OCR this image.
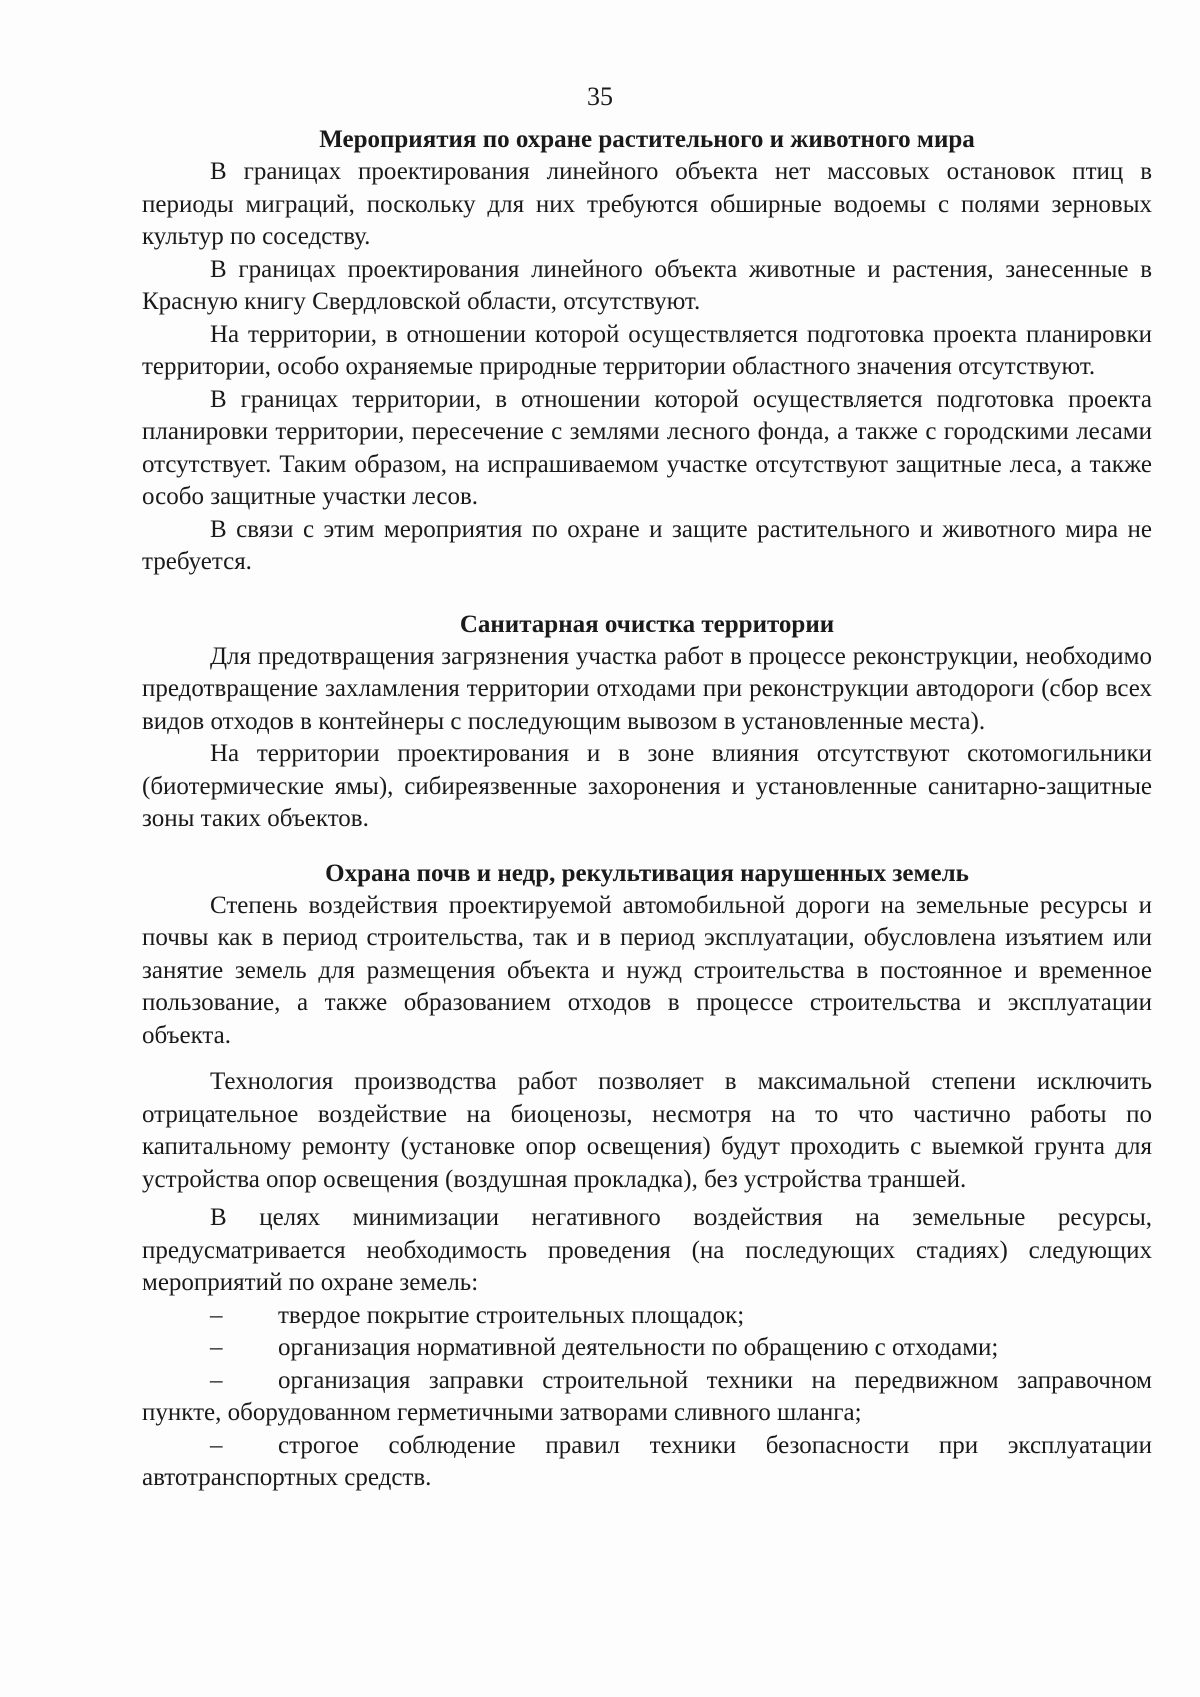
35
Мероприятия по охране растительного и животного мира

В границах проектирования линейного объекта нет массовых остановок птиц в периоды миграций, поскольку для них требуются обширные водоемы с полями зерновых культур по соседству.

В границах проектирования линейного объекта животные и растения, занесенные в Красную книгу Свердловской области, отсутствуют.

На территории, в отношении которой осуществляется подготовка проекта планировки территории, особо охраняемые природные территории областного значения отсутствуют.

В границах территории, в отношении которой осуществляется подготовка проекта планировки территории, пересечение с землями лесного фонда, а также с городскими лесами отсутствует. Таким образом, на испрашиваемом участке отсутствуют защитные леса, а также особо защитные участки лесов.

В связи с этим мероприятия по охране и защите растительного и животного мира не требуется.

Санитарная очистка территории

Для предотвращения загрязнения участка работ в процессе реконструкции, необходимо предотвращение захламления территории отходами при реконструкции автодороги (сбор всех видов отходов в контейнеры с последующим вывозом в установленные места).

На территории проектирования и в зоне влияния отсутствуют скотомогильники (биотермические ямы), сибиреязвенные захоронения и установленные санитарно-защитные зоны таких объектов.

Охрана почв и недр, рекультивация нарушенных земель

Степень воздействия проектируемой автомобильной дороги на земельные ресурсы и почвы как в период строительства, так и в период эксплуатации, обусловлена изъятием или занятие земель для размещения объекта и нужд строительства в постоянное и временное пользование, а также образованием отходов в процессе строительства и эксплуатации объекта.

Технология производства работ позволяет в максимальной степени исключить отрицательное воздействие на биоценозы, несмотря на то что частично работы по капитальному ремонту (установке опор освещения) будут проходить с выемкой грунта для устройства опор освещения (воздушная прокладка), без устройства траншей.

В целях минимизации негативного воздействия на земельные ресурсы, предусматривается необходимость проведения (на последующих стадиях) следующих мероприятий по охране земель:

– твердое покрытие строительных площадок;

– организация нормативной деятельности по обращению с отходами;

– организация заправки строительной техники на передвижном заправочном пункте, оборудованном герметичными затворами сливного шланга;

– строгое соблюдение правил техники безопасности при эксплуатации автотранспортных средств.
